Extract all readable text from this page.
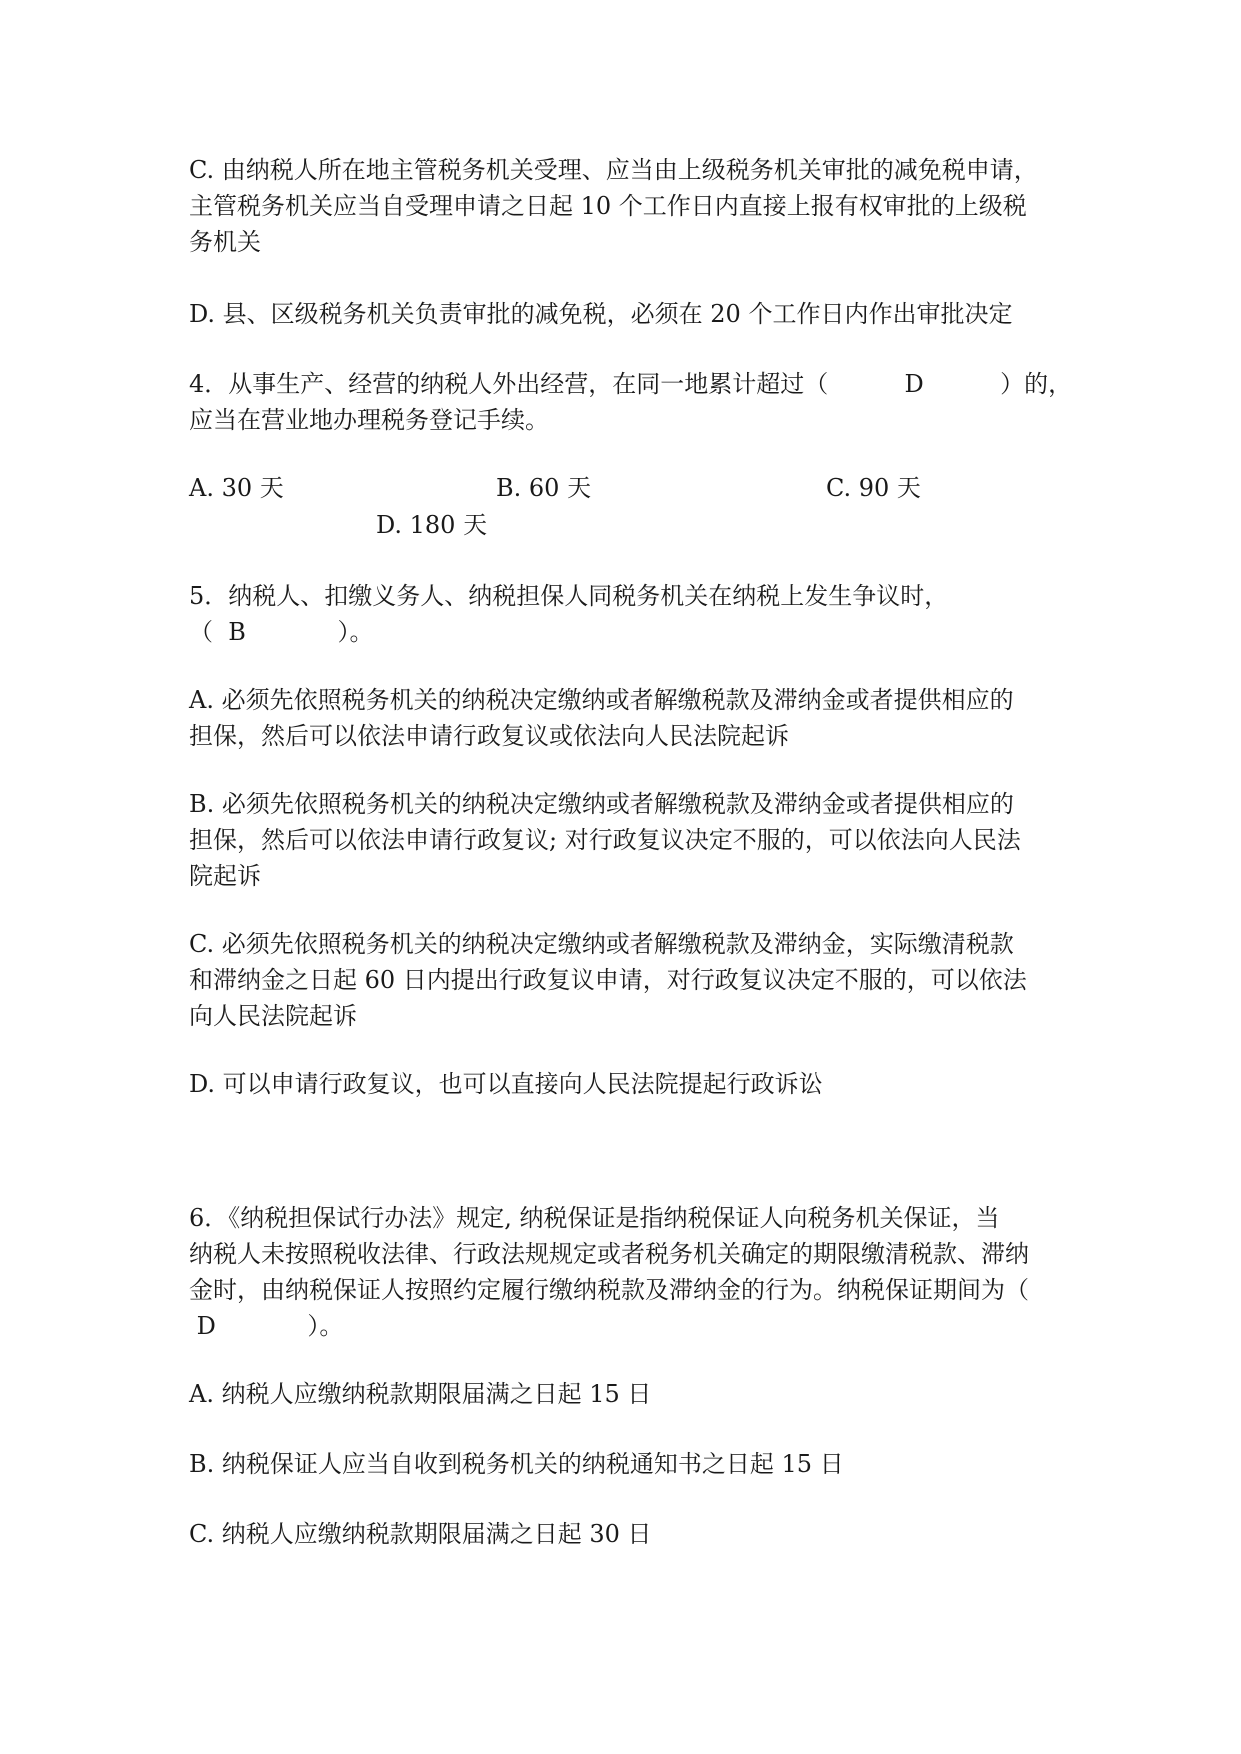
C. 由纳税人所在地主管税务机关受理、应当由上级税务机关审批的减免税申请，
主管税务机关应当自受理申请之日起 10 个工作日内直接上报有权审批的上级税
务机关
D. 县、区级税务机关负责审批的减免税，必须在 20 个工作日内作出审批决定
4．从事生产、经营的纳税人外出经营，在同一地累计超过（          D          ）的，
应当在营业地办理税务登记手续。
A. 30 天	B. 60 天	C. 90 天
D. 180 天
5．纳税人、扣缴义务人、纳税担保人同税务机关在纳税上发生争议时，
（  B            ）。
A. 必须先依照税务机关的纳税决定缴纳或者解缴税款及滞纳金或者提供相应的
担保，然后可以依法申请行政复议或依法向人民法院起诉
B. 必须先依照税务机关的纳税决定缴纳或者解缴税款及滞纳金或者提供相应的
担保，然后可以依法申请行政复议; 对行政复议决定不服的，可以依法向人民法
院起诉
C. 必须先依照税务机关的纳税决定缴纳或者解缴税款及滞纳金，实际缴清税款
和滞纳金之日起 60 日内提出行政复议申请，对行政复议决定不服的，可以依法
向人民法院起诉
D. 可以申请行政复议，也可以直接向人民法院提起行政诉讼
6．《纳税担保试行办法》规定, 纳税保证是指纳税保证人向税务机关保证，当
纳税人未按照税收法律、行政法规规定或者税务机关确定的期限缴清税款、滞纳
金时，由纳税保证人按照约定履行缴纳税款及滞纳金的行为。纳税保证期间为（
D            ）。
A. 纳税人应缴纳税款期限届满之日起 15 日
B. 纳税保证人应当自收到税务机关的纳税通知书之日起 15 日
C. 纳税人应缴纳税款期限届满之日起 30 日
